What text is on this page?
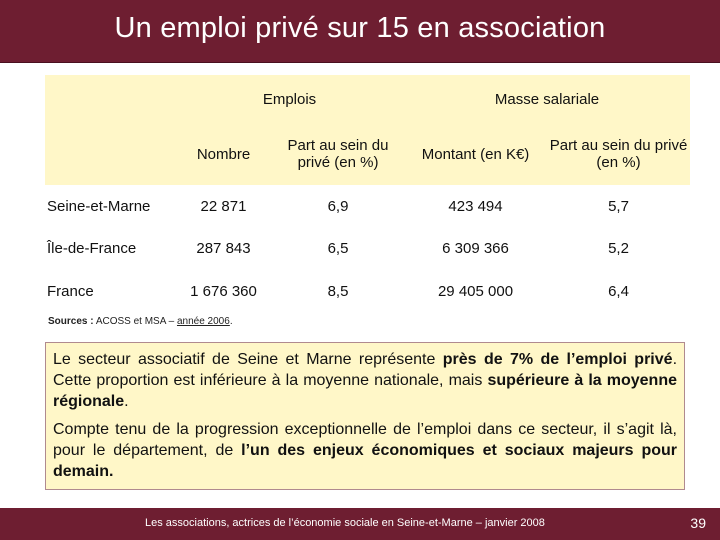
Un emploi privé sur 15 en association
	Emplois		Masse salariale	
	Nombre	Part au sein du privé (en %)	Montant (en K€)	Part au sein du privé (en %)
Seine-et-Marne	22 871	6,9	423 494	5,7
Île-de-France	287 843	6,5	6 309 366	5,2
France	1 676 360	8,5	29 405 000	6,4
Sources : ACOSS et MSA – année 2006.

Le secteur associatif de Seine et Marne représente près de 7% de l’emploi privé. Cette proportion est inférieure à la moyenne nationale, mais supérieure à la moyenne régionale.

Compte tenu de la progression exceptionnelle de l’emploi dans ce secteur, il s’agit là, pour le département, de l’un des enjeux économiques et sociaux majeurs pour demain.

Les associations, actrices de l’économie sociale en Seine-et-Marne – janvier 2008	39
